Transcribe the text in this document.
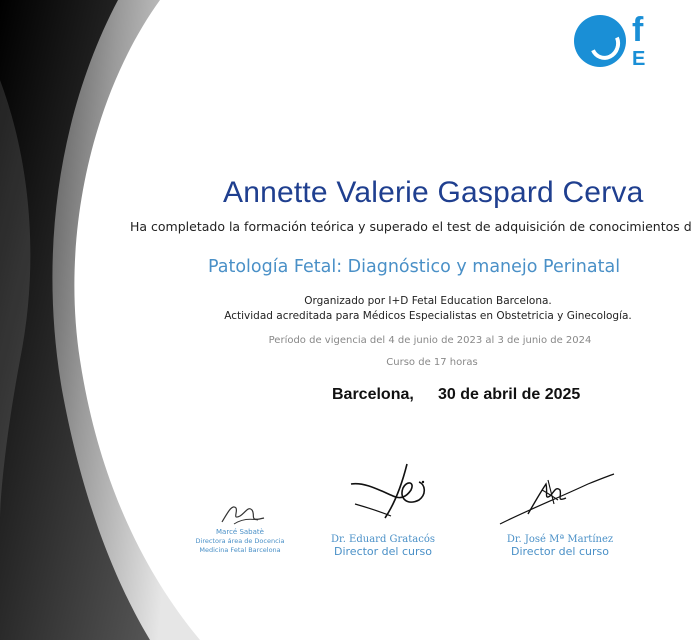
f
E
Annette Valerie Gaspard Cerva
Ha completado la formación teórica y superado el test de adquisición de conocimientos d
Patología Fetal: Diagnóstico y manejo Perinatal
Organizado por I+D Fetal Education Barcelona.
Actividad acreditada para Médicos Especialistas en Obstetricia y Ginecología.
Período de vigencia del 4 de junio de 2023 al 3 de junio de 2024
Curso de 17 horas
Barcelona, 30 de abril de 2025
Marcé Sabatè
Directora área de Docencia
Medicina Fetal Barcelona
Dr. Eduard Gratacós
Director del curso
Dr. José Mª Martínez
Director del curso
